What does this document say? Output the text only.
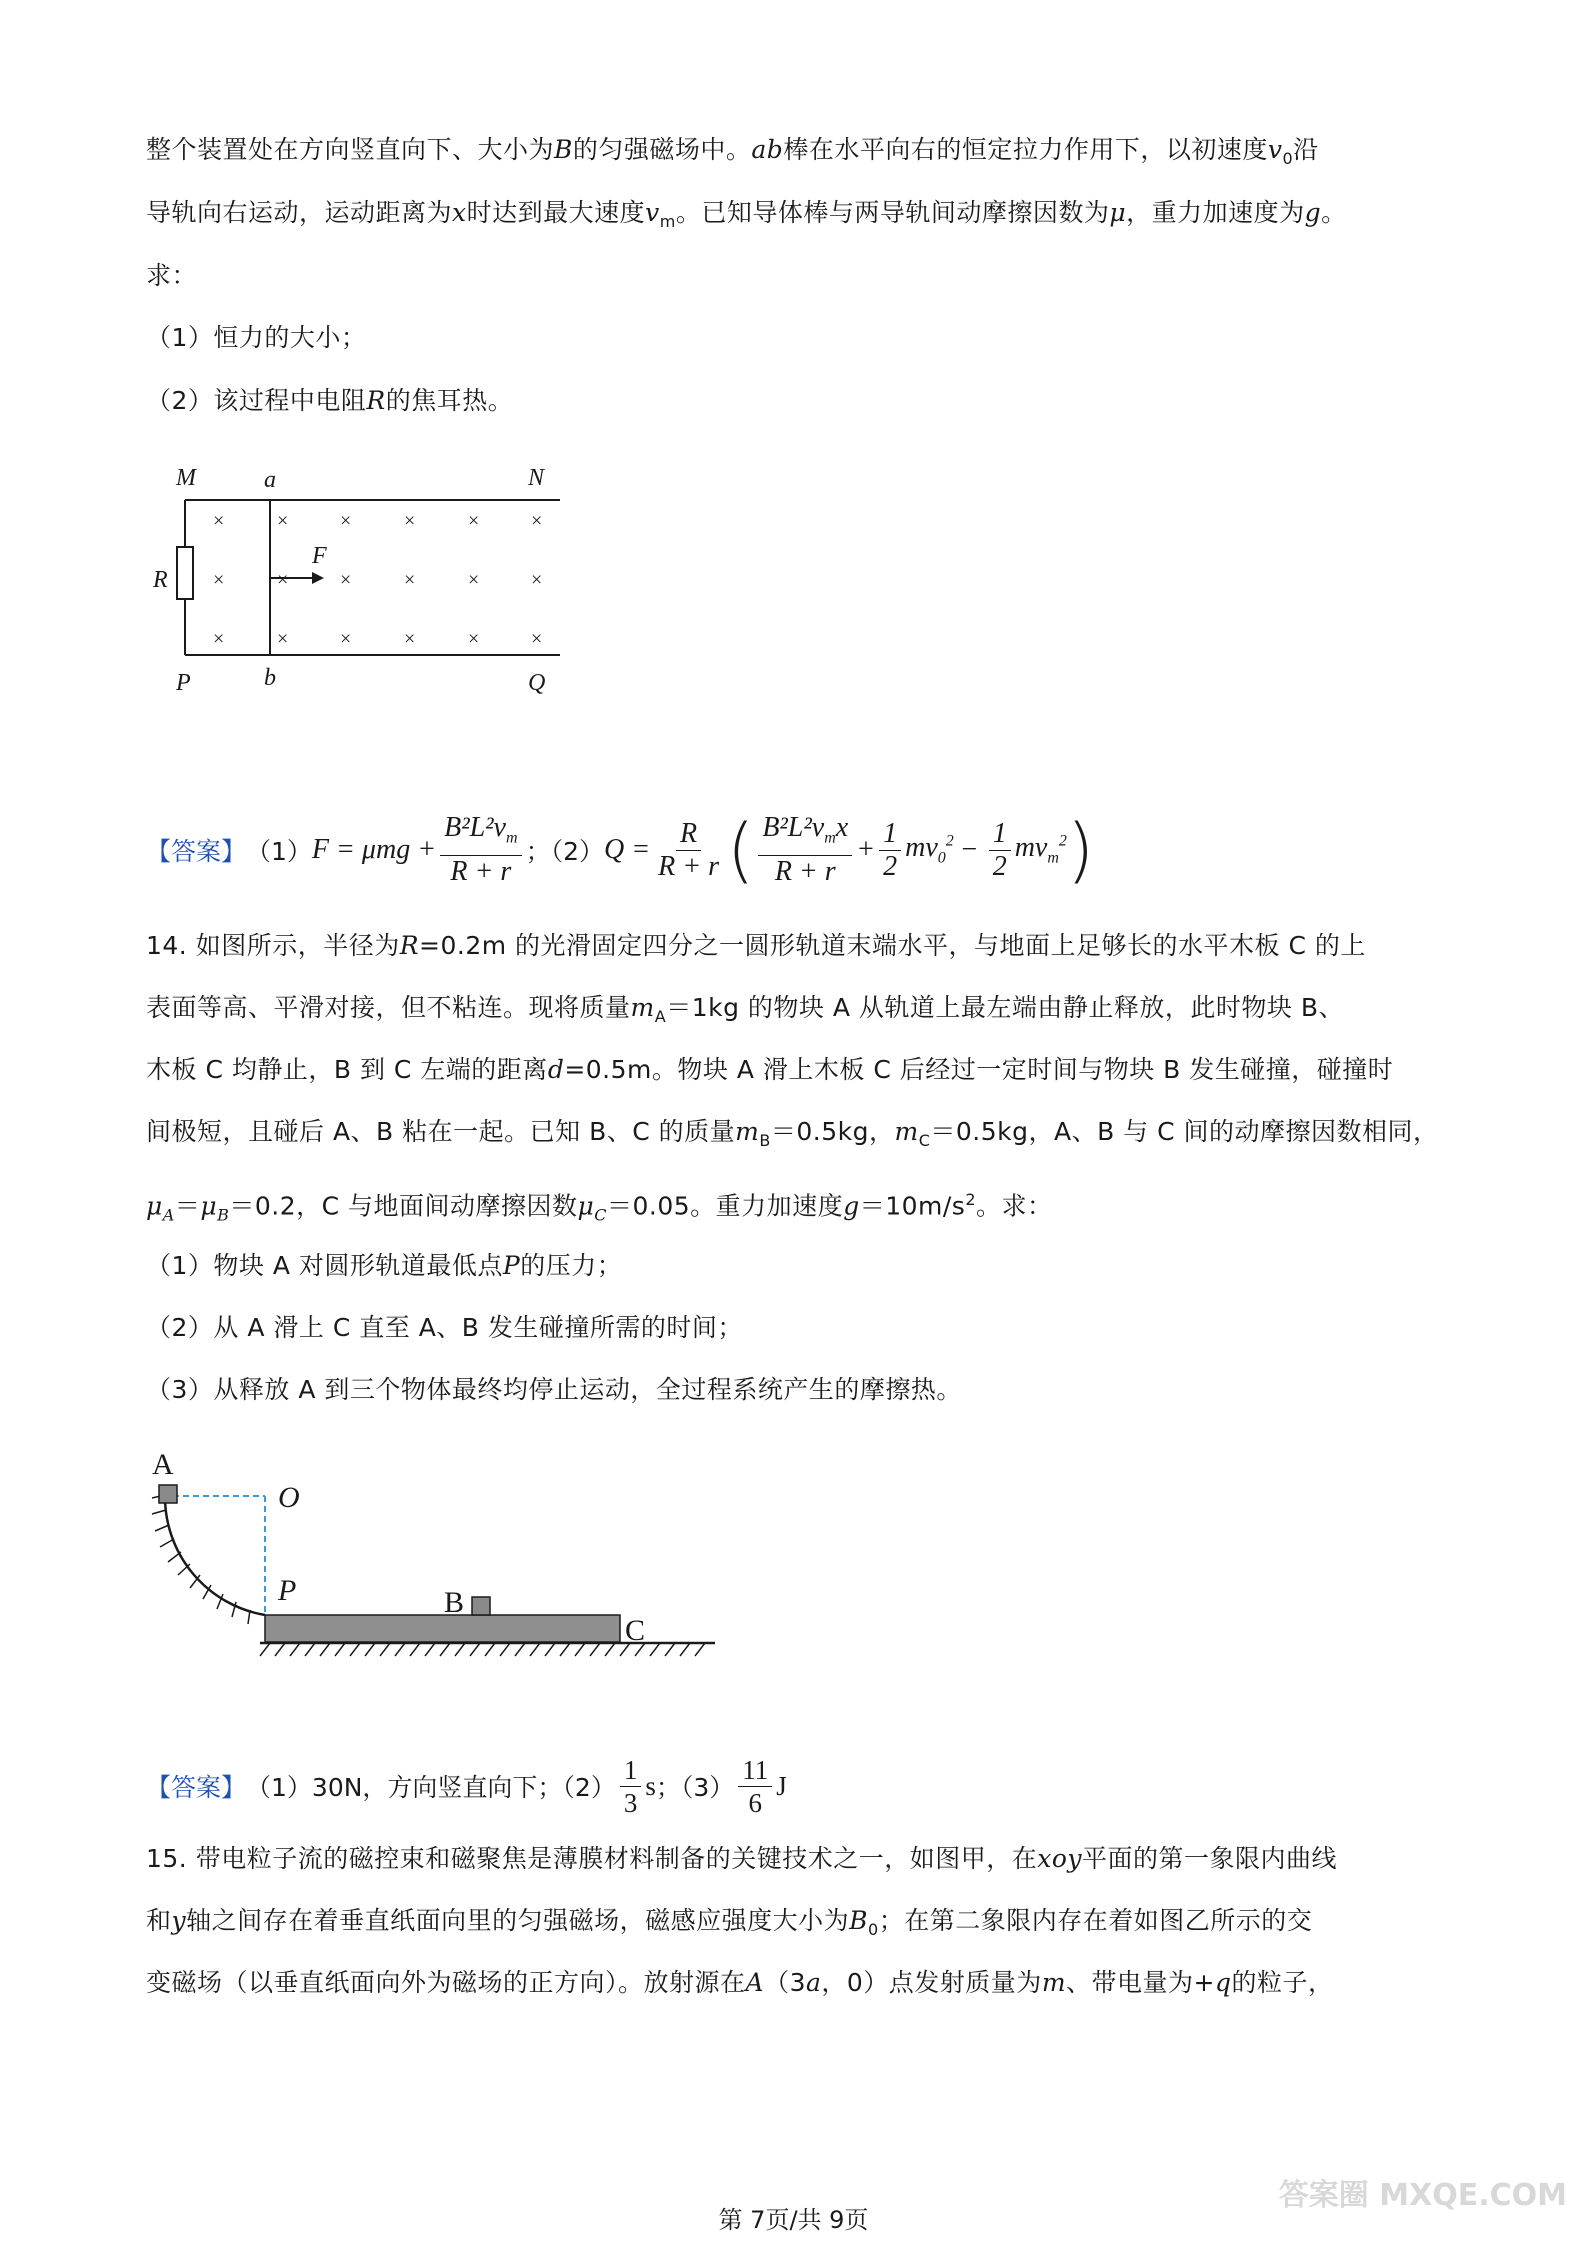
整个装置处在方向竖直向下、大小为B的匀强磁场中。ab棒在水平向右的恒定拉力作用下，以初速度$v_0$沿
导轨向右运动，运动距离为x时达到最大速度$v_m$。已知导体棒与两导轨间动摩擦因数为μ，重力加速度为g。
求：
（1）恒力的大小；
（2）该过程中电阻R的焦耳热。
M	a	N
R
F
P	b	Q
×	×	×	×	×	×
×	×	×	×	×	×
×	×	×	×	×	×
【答案】 （1） $F = \mu mg + \frac{B^2L^2v_m}{R + r}$ ；（2） $Q = \frac{R}{R + r}$ ( $\frac{B^2L^2v_mx}{R + r} + \frac{1}{2} mv_0^2 - \frac{1}{2} mv_m^2$ )
14. 如图所示，半径为R=0.2m 的光滑固定四分之一圆形轨道末端水平，与地面上足够长的水平木板 C 的上
表面等高、平滑对接，但不粘连。现将质量$m_A=1kg$ 的物块 A 从轨道上最左端由静止释放，此时物块 B、
木板 C 均静止，B 到 C 左端的距离d=0.5m。物块 A 滑上木板 C 后经过一定时间与物块 B 发生碰撞，碰撞时
间极短，且碰后 A、B 粘在一起。已知 B、C 的质量$m_B=0.5kg$，$m_C=0.5kg$，A、B 与 C 间的动摩擦因数相同，
$\mu_A=\mu_B=0.2$，C 与地面间动摩擦因数$\mu_C=0.05$。重力加速度$g=10m/s^2$。求：
（1）物块 A 对圆形轨道最低点P的压力；
（2）从 A 滑上 C 直至 A、B 发生碰撞所需的时间；
（3）从释放 A 到三个物体最终均停止运动，全过程系统产生的摩擦热。
A
O
P	B
C
【答案】 （1）30N，方向竖直向下；$(2) \frac{1}{3}$ s ；$(3) \frac{11}{6}$ J
15. 带电粒子流的磁控束和磁聚焦是薄膜材料制备的关键技术之一，如图甲，在xoy平面的第一象限内曲线
和y轴之间存在着垂直纸面向里的匀强磁场，磁感应强度大小为$B_0$；在第二象限内存在着如图乙所示的交
变磁场（以垂直纸面向外为磁场的正方向）。放射源在A（3a，0）点发射质量为m、带电量为+q的粒子，
第 7页/共 9页
答案圈 MXQE.COM
